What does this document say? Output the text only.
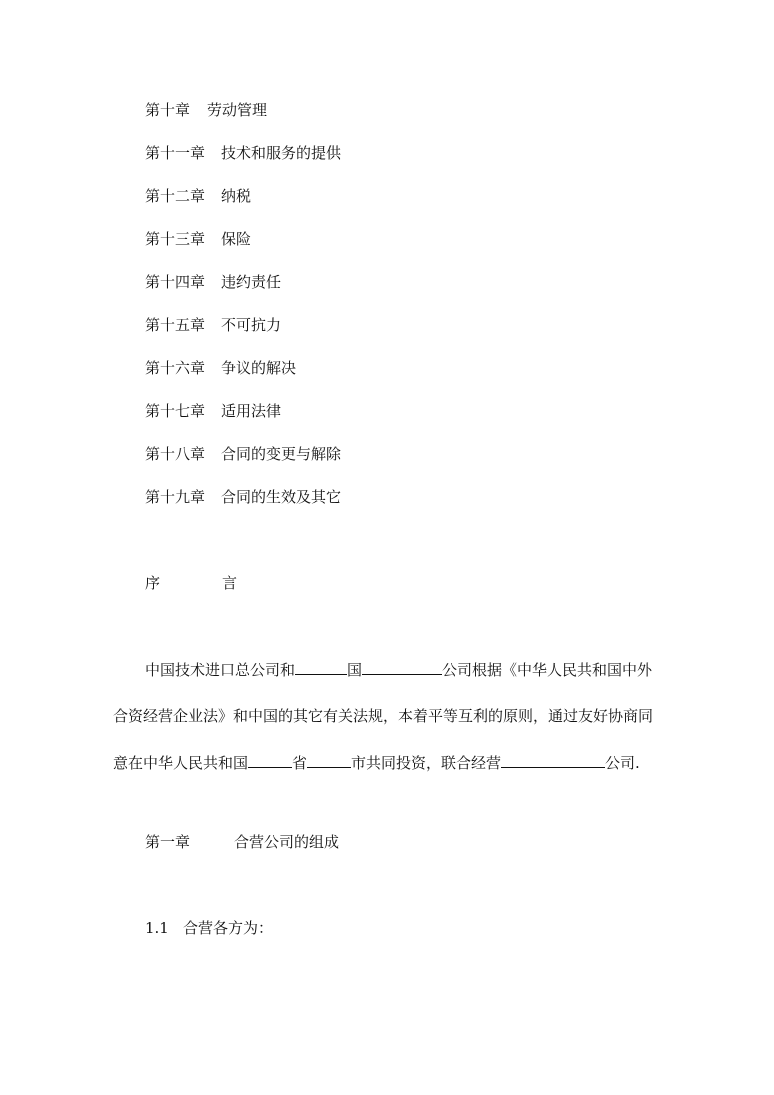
第十章 劳动管理
第十一章 技术和服务的提供
第十二章 纳税
第十三章 保险
第十四章 违约责任
第十五章 不可抗力
第十六章 争议的解决
第十七章 适用法律
第十八章 合同的变更与解除
第十九章 合同的生效及其它
序	言
中国技术进口总公司和	国	公司根据《中华人民共和国中外
合资经营企业法》和中国的其它有关法规，本着平等互利的原则，通过友好协商同
意在中华人民共和国	省	市共同投资，联合经营	公司.
第一章	合营公司的组成
1.1 合营各方为：
